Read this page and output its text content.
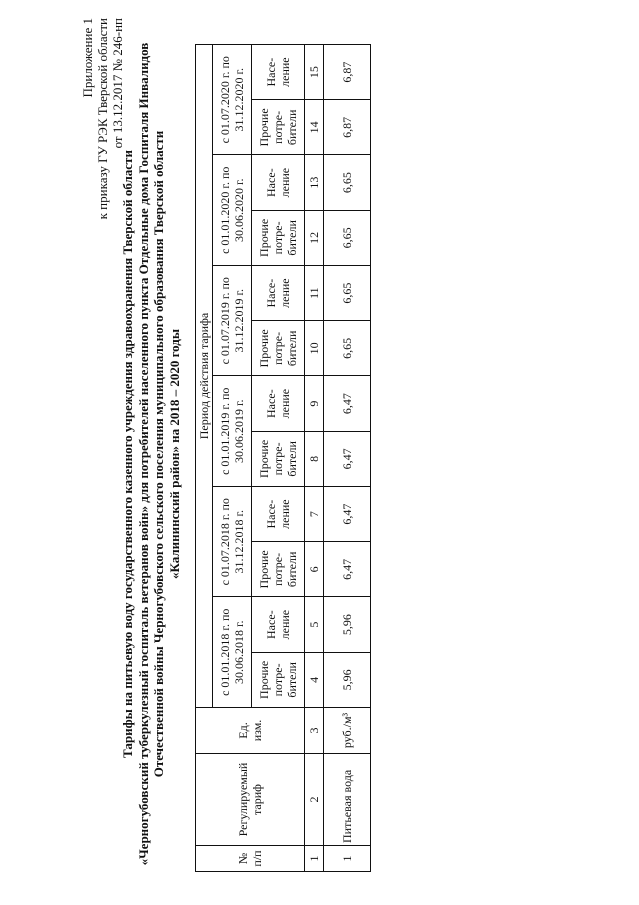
Приложение 1 к приказу ГУ РЭК Тверской области от 13.12.2017 № 246-нп
Тарифы на питьевую воду государственного казенного учреждения здравоохранения Тверской области «Черногубовский туберкулезный госпиталь ветеранов войн» для потребителей населенного пункта Отдельные дома Госпиталя Инвалидов Отечественной войны Черногубовского сельского поселения муниципального образования Тверской области «Калининский район» на 2018 – 2020 годы
№ п/п	Регулируемый тариф	Ед. изм.	Период действия тарифа											
			с 01.01.2018 г. по 30.06.2018 г.		с 01.07.2018 г. по 31.12.2018 г.		с 01.01.2019 г. по 30.06.2019 г.		с 01.07.2019 г. по 31.12.2019 г.		с 01.01.2020 г. по 30.06.2020 г.		с 01.07.2020 г. по 31.12.2020 г.	
			Прочие потре-бители	Насе-ление	Прочие потре-бители	Насе-ление	Прочие потре-бители	Насе-ление	Прочие потре-бители	Насе-ление	Прочие потре-бители	Насе-ление	Прочие потре-бители	Насе-ление
1	2	3	4	5	6	7	8	9	10	11	12	13	14	15
1	Питьевая вода	руб./м³	5,96	5,96	6,47	6,47	6,47	6,47	6,65	6,65	6,65	6,65	6,87	6,87
